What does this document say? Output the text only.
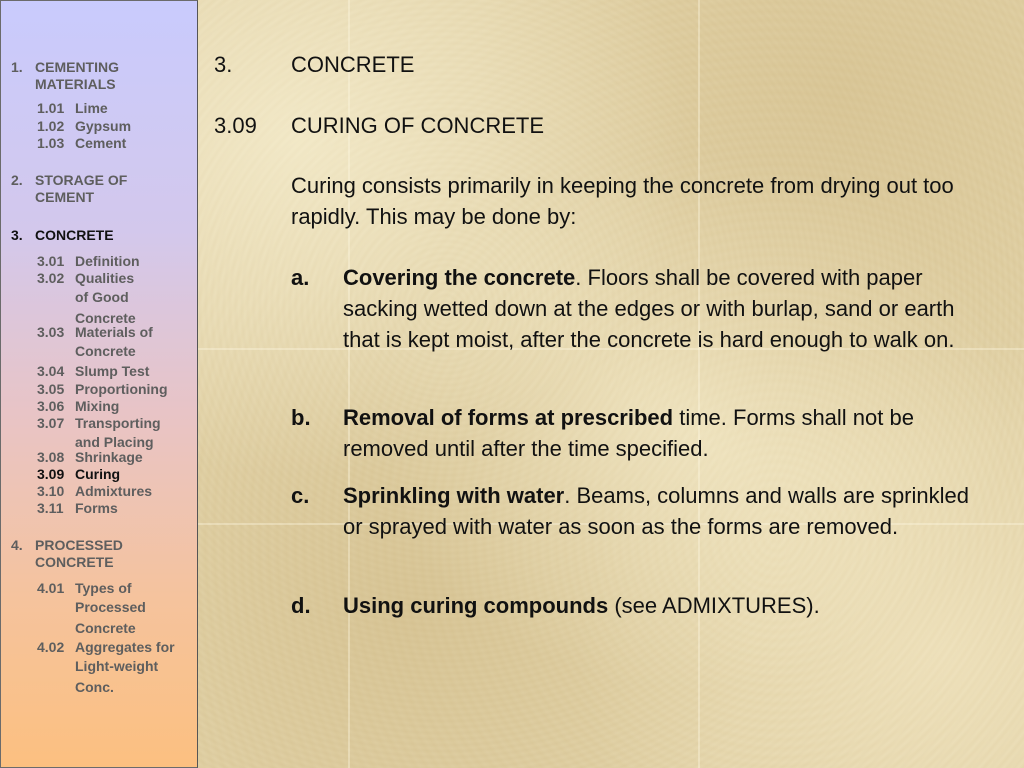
1. CEMENTING
MATERIALS
1.01 Lime
1.02 Gypsum
1.03 Cement
2. STORAGE OF
CEMENT
3. CONCRETE
3.01 Definition
3.02 Qualities
of Good
Concrete
3.03 Materials of
Concrete
3.04 Slump Test
3.05 Proportioning
3.06 Mixing
3.07 Transporting
and Placing
3.08 Shrinkage
3.09 Curing
3.10 Admixtures
3.11 Forms
4. PROCESSED
CONCRETE
4.01 Types of
Processed
Concrete
4.02 Aggregates for
Light-weight
Conc.
3.	CONCRETE
3.09 CURING OF CONCRETE

Curing consists primarily in keeping the concrete from drying out too rapidly. This may be done by:

a. Covering the concrete. Floors shall be covered with paper sacking wetted down at the edges or with burlap, sand or earth that is kept moist, after the concrete is hard enough to walk on.
b. Removal of forms at prescribed time. Forms shall not be removed until after the time specified.
c. Sprinkling with water. Beams, columns and walls are sprinkled or sprayed with water as soon as the forms are removed.
d. Using curing compounds (see ADMIXTURES).
